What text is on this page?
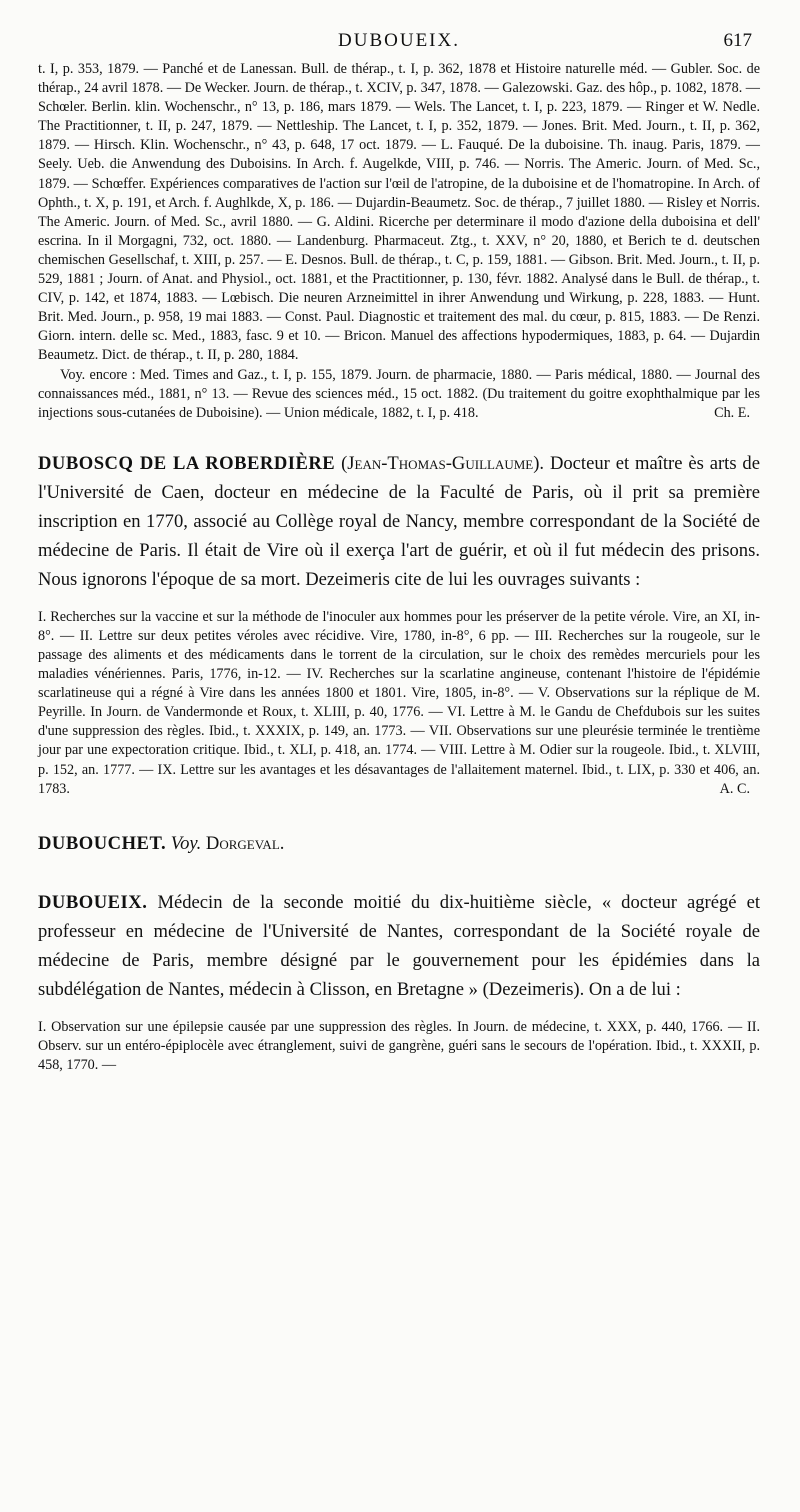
DUBOUEIX.	617

t. I, p. 353, 1879. — Panché et de Lanessan. Bull. de thérap., t. I, p. 362, 1878 et Histoire naturelle méd. — Gubler. Soc. de thérap., 24 avril 1878. — De Wecker. Journ. de thérap., t. XCIV, p. 347, 1878. — Galezowski. Gaz. des hôp., p. 1082, 1878. — Schœler. Berlin. klin. Wochenschr., n° 13, p. 186, mars 1879. — Wels. The Lancet, t. I, p. 223, 1879. — Ringer et W. Nedle. The Practitionner, t. II, p. 247, 1879. — Nettleship. The Lancet, t. I, p. 352, 1879. — Jones. Brit. Med. Journ., t. II, p. 362, 1879. — Hirsch. Klin. Wochenschr., n° 43, p. 648, 17 oct. 1879. — L. Fauqué. De la duboisine. Th. inaug. Paris, 1879. — Seely. Ueb. die Anwendung des Duboisins. In Arch. f. Augelkde, VIII, p. 746. — Norris. The Americ. Journ. of Med. Sc., 1879. — Schœffer. Expériences comparatives de l'action sur l'œil de l'atropine, de la duboisine et de l'homatropine. In Arch. of Ophth., t. X, p. 191, et Arch. f. Aughlkde, X, p. 186. — Dujardin-Beaumetz. Soc. de thérap., 7 juillet 1880. — Risley et Norris. The Americ. Journ. of Med. Sc., avril 1880. — G. Aldini. Ricerche per determinare il modo d'azione della duboisina et dell' escrina. In il Morgagni, 732, oct. 1880. — Landenburg. Pharmaceut. Ztg., t. XXV, n° 20, 1880, et Berich te d. deutschen chemischen Gesellschaf, t. XIII, p. 257. — E. Desnos. Bull. de thérap., t. C, p. 159, 1881. — Gibson. Brit. Med. Journ., t. II, p. 529, 1881 ; Journ. of Anat. and Physiol., oct. 1881, et the Practitionner, p. 130, févr. 1882. Analysé dans le Bull. de thérap., t. CIV, p. 142, et 1874, 1883. — Lœbisch. Die neuren Arzneimittel in ihrer Anwendung und Wirkung, p. 228, 1883. — Hunt. Brit. Med. Journ., p. 958, 19 mai 1883. — Const. Paul. Diagnostic et traitement des mal. du cœur, p. 815, 1883. — De Renzi. Giorn. intern. delle sc. Med., 1883, fasc. 9 et 10. — Bricon. Manuel des affections hypodermiques, 1883, p. 64. — Dujardin Beaumetz. Dict. de thérap., t. II, p. 280, 1884.

Voy. encore : Med. Times and Gaz., t. I, p. 155, 1879. Journ. de pharmacie, 1880. — Paris médical, 1880. — Journal des connaissances méd., 1881, n° 13. — Revue des sciences méd., 15 oct. 1882. (Du traitement du goitre exophthalmique par les injections sous-cutanées de Duboisine). — Union médicale, 1882, t. I, p. 418.	Ch. E.

DUBOSCQ DE LA ROBERDIÈRE (Jean-Thomas-Guillaume). Docteur et maître ès arts de l'Université de Caen, docteur en médecine de la Faculté de Paris, où il prit sa première inscription en 1770, associé au Collège royal de Nancy, membre correspondant de la Société de médecine de Paris. Il était de Vire où il exerça l'art de guérir, et où il fut médecin des prisons. Nous ignorons l'époque de sa mort. Dezeimeris cite de lui les ouvrages suivants :

I. Recherches sur la vaccine et sur la méthode de l'inoculer aux hommes pour les préserver de la petite vérole. Vire, an XI, in-8°. — II. Lettre sur deux petites véroles avec récidive. Vire, 1780, in-8°, 6 pp. — III. Recherches sur la rougeole, sur le passage des aliments et des médicaments dans le torrent de la circulation, sur le choix des remèdes mercuriels pour les maladies vénériennes. Paris, 1776, in-12. — IV. Recherches sur la scarlatine angineuse, contenant l'histoire de l'épidémie scarlatineuse qui a régné à Vire dans les années 1800 et 1801. Vire, 1805, in-8°. — V. Observations sur la réplique de M. Peyrille. In Journ. de Vandermonde et Roux, t. XLIII, p. 40, 1776. — VI. Lettre à M. le Gandu de Chefdubois sur les suites d'une suppression des règles. Ibid., t. XXXIX, p. 149, an. 1773. — VII. Observations sur une pleurésie terminée le trentième jour par une expectoration critique. Ibid., t. XLI, p. 418, an. 1774. — VIII. Lettre à M. Odier sur la rougeole. Ibid., t. XLVIII, p. 152, an. 1777. — IX. Lettre sur les avantages et les désavantages de l'allaitement maternel. Ibid., t. LIX, p. 330 et 406, an. 1783.	A. C.

DUBOUCHET. Voy. Dorgeval.

DUBOUEIX. Médecin de la seconde moitié du dix-huitième siècle, « docteur agrégé et professeur en médecine de l'Université de Nantes, correspondant de la Société royale de médecine de Paris, membre désigné par le gouvernement pour les épidémies dans la subdélégation de Nantes, médecin à Clisson, en Bretagne » (Dezeimeris). On a de lui :

I. Observation sur une épilepsie causée par une suppression des règles. In Journ. de médecine, t. XXX, p. 440, 1766. — II. Observ. sur un entéro-épiplocèle avec étranglement, suivi de gangrène, guéri sans le secours de l'opération. Ibid., t. XXXII, p. 458, 1770. —
